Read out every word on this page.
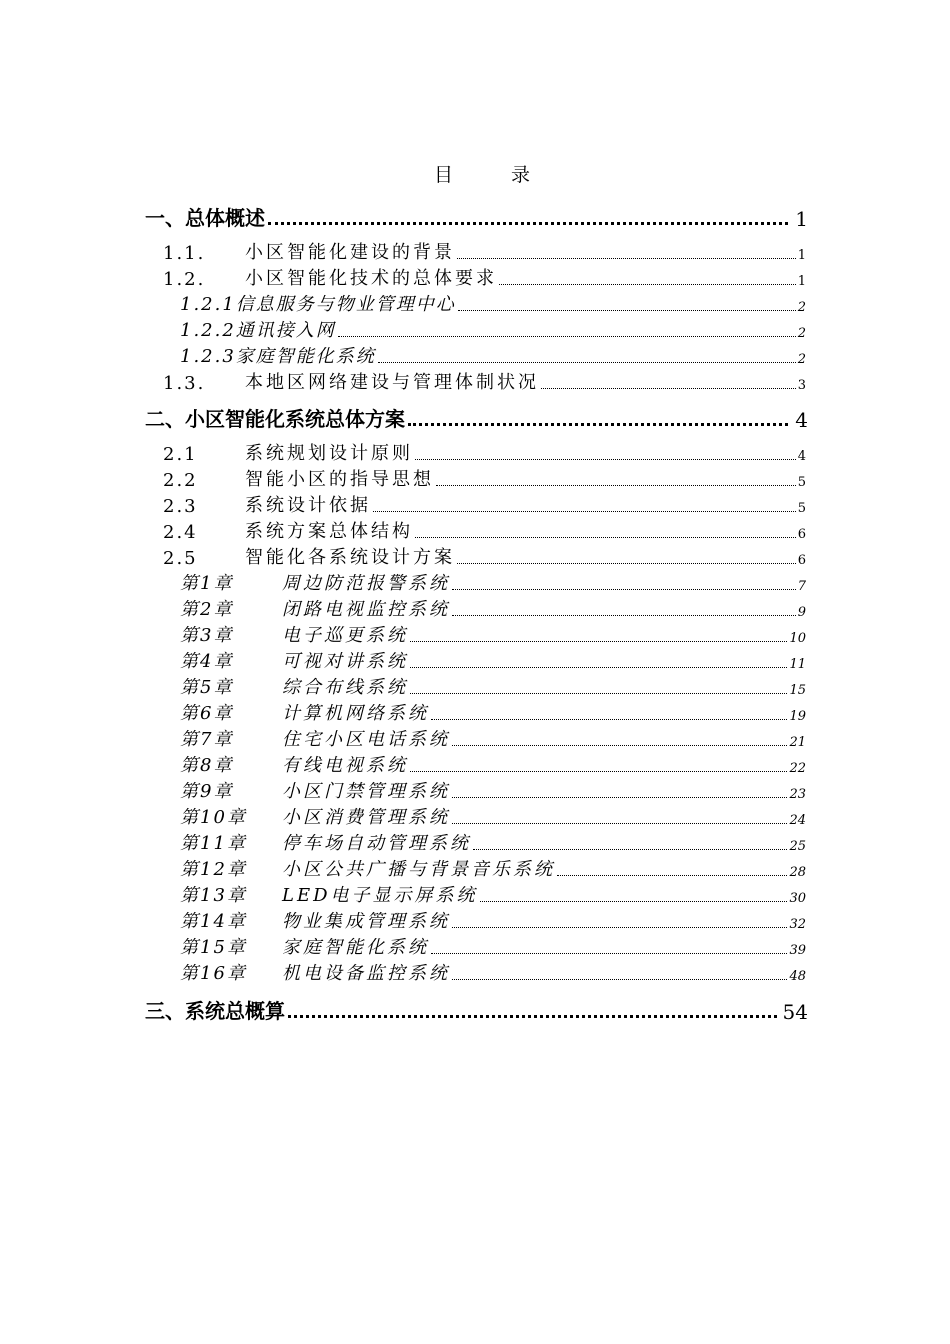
目 录
一、总体概述	1
1.1.	小区智能化建设的背景	1
1.2.	小区智能化技术的总体要求	1
1.2.1信息服务与物业管理中心	2
1.2.2通讯接入网	2
1.2.3家庭智能化系统	2
1.3.	本地区网络建设与管理体制状况	3
二、小区智能化系统总体方案	4
2.1	系统规划设计原则	4
2.2	智能小区的指导思想	5
2.3	系统设计依据	5
2.4	系统方案总体结构	6
2.5	智能化各系统设计方案	6
第1章	周边防范报警系统	7
第2章	闭路电视监控系统	9
第3章	电子巡更系统	10
第4章	可视对讲系统	11
第5章	综合布线系统	15
第6章	计算机网络系统	19
第7章	住宅小区电话系统	21
第8章	有线电视系统	22
第9章	小区门禁管理系统	23
第10章	小区消费管理系统	24
第11章	停车场自动管理系统	25
第12章	小区公共广播与背景音乐系统	28
第13章	LED电子显示屏系统	30
第14章	物业集成管理系统	32
第15章	家庭智能化系统	39
第16章	机电设备监控系统	48
三、系统总概算	54
